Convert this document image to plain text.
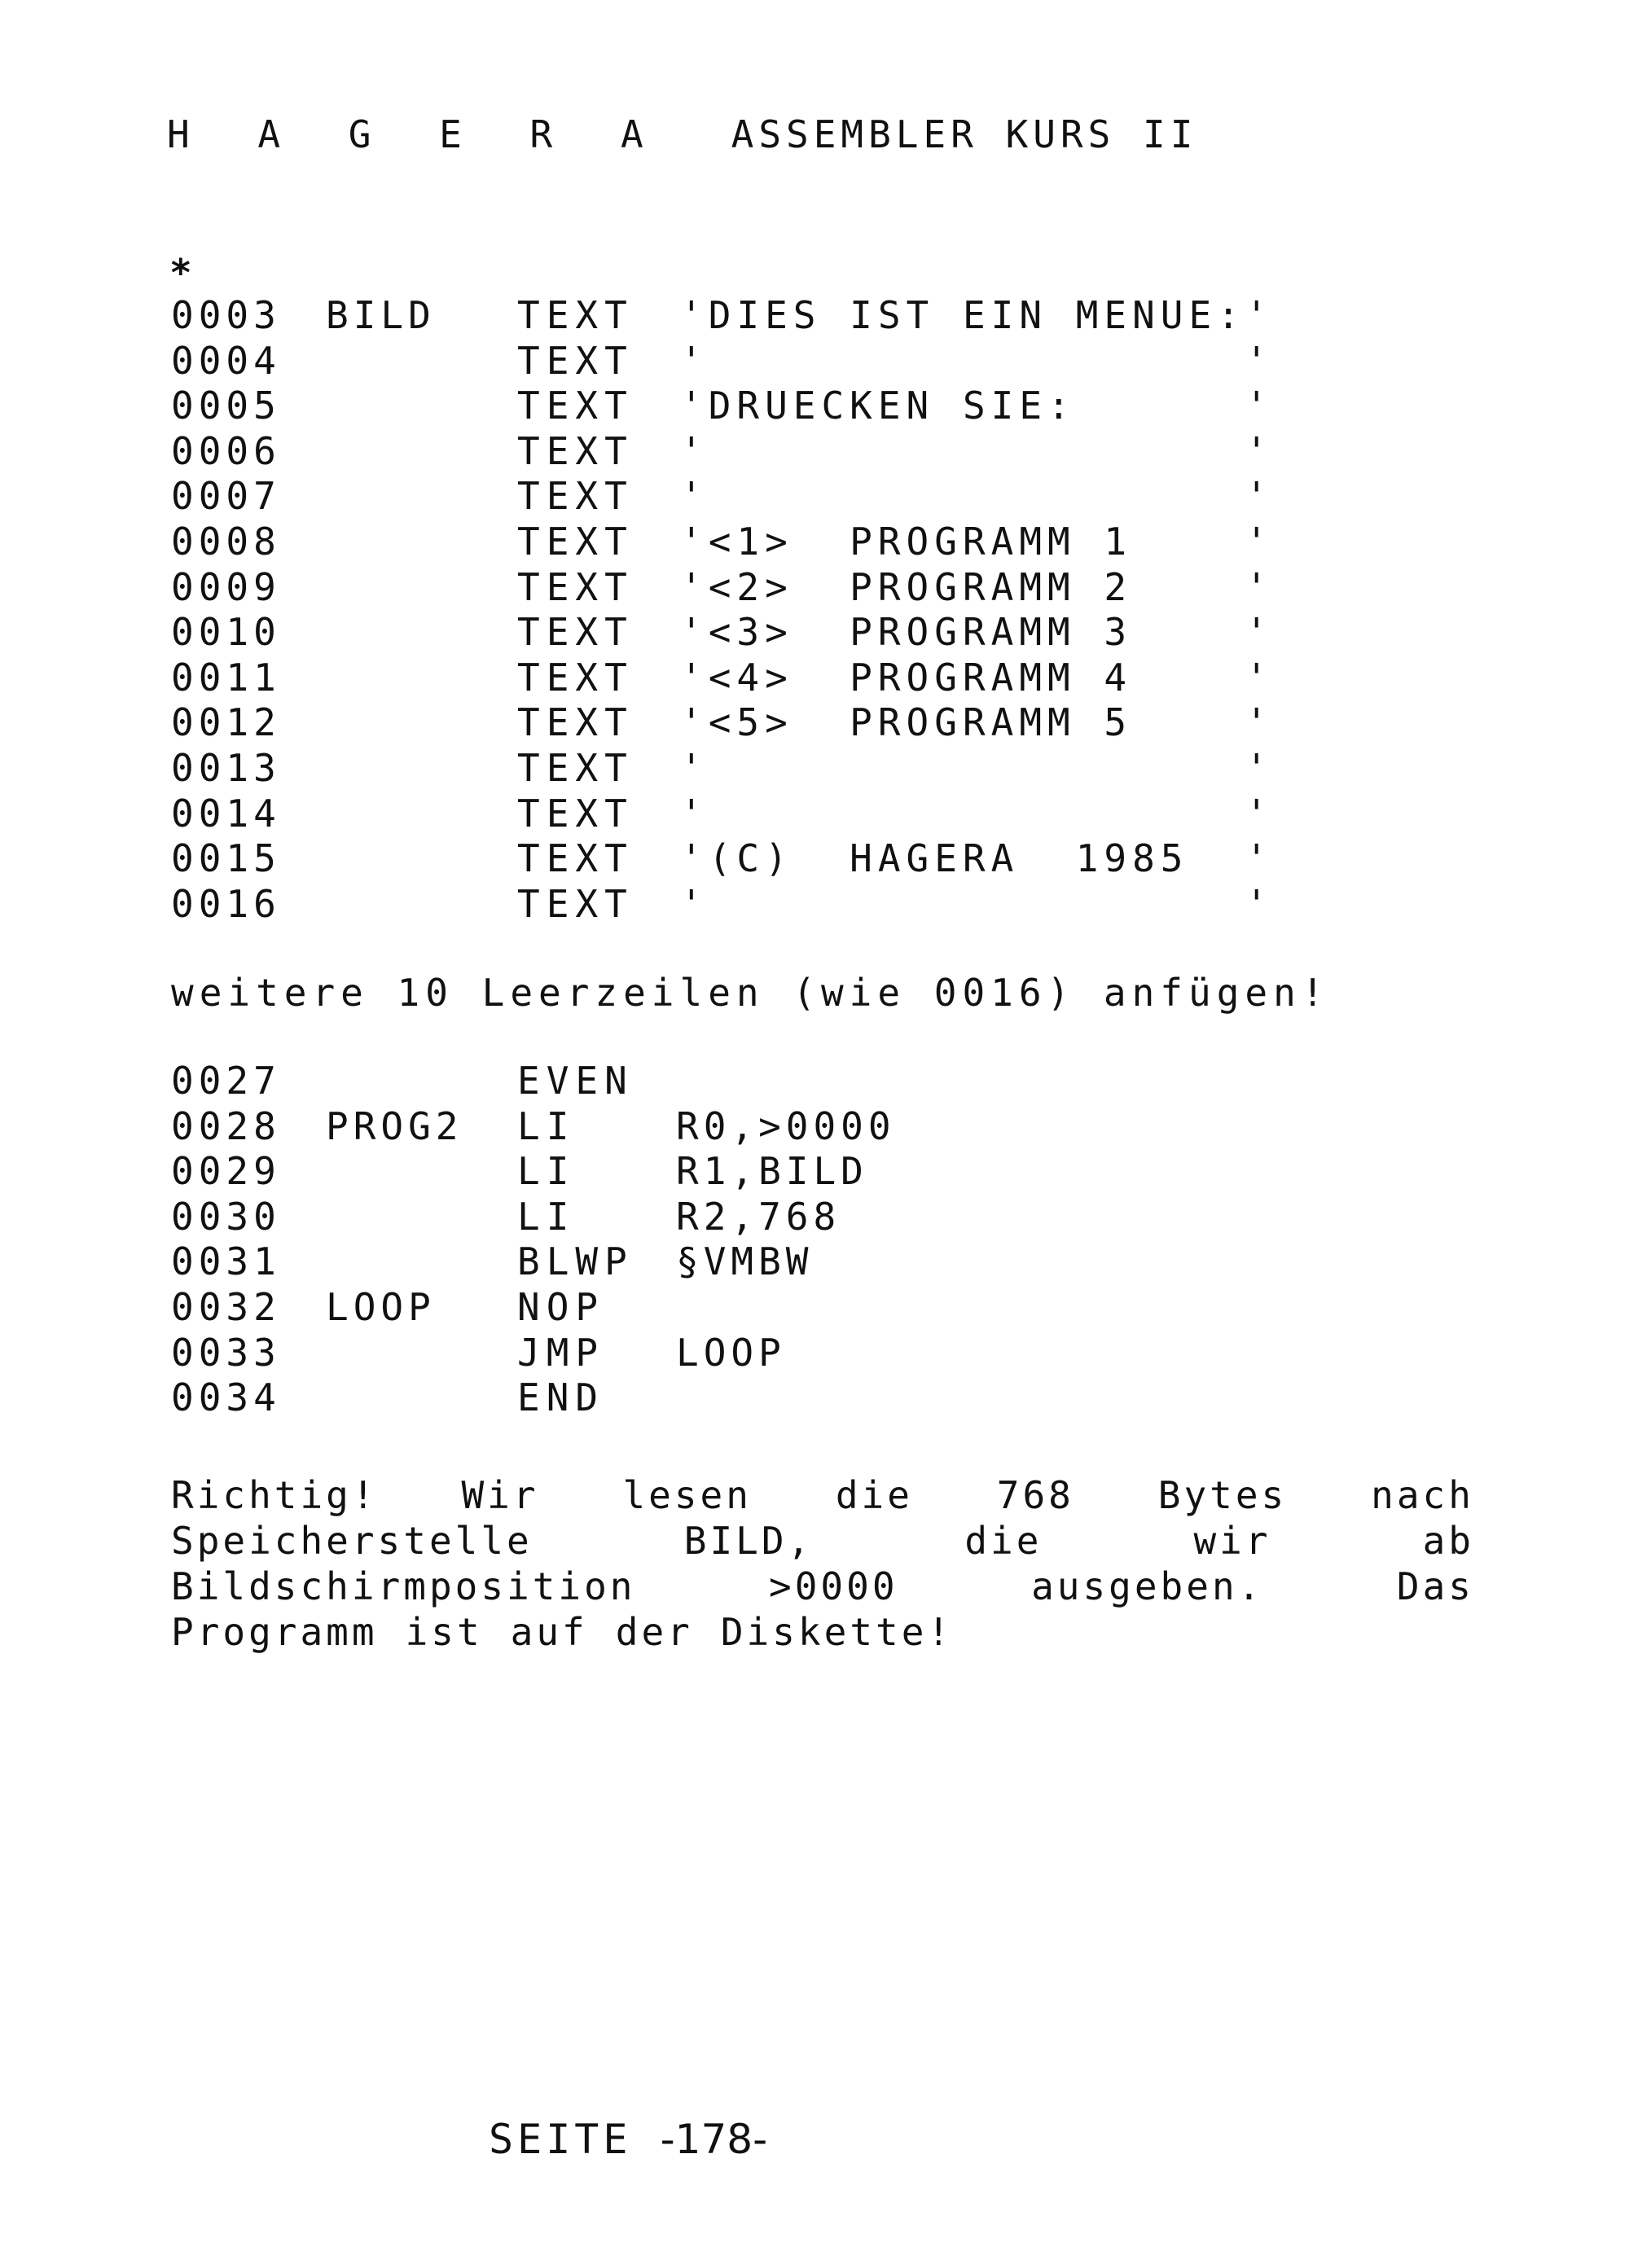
H A G E R A ASSEMBLER KURS II
*
0003 BILD TEXT 'DIES IST EIN MENUE:'
0004	TEXT '                   '
0005	TEXT 'DRUECKEN SIE:      '
0006	TEXT '                   '
0007	TEXT '                   '
0008	TEXT '<1>  PROGRAMM 1    '
0009	TEXT '<2>  PROGRAMM 2    '
0010	TEXT '<3>  PROGRAMM 3    '
0011	TEXT '<4>  PROGRAMM 4    '
0012	TEXT '<5>  PROGRAMM 5    '
0013	TEXT '                   '
0014	TEXT '                   '
0015	TEXT '(C)  HAGERA  1985  '
0016	TEXT '                   '
weitere 10 Leerzeilen (wie 0016) anfügen!
0027	EVEN
0028 PROG2 LI	R0,>0000
0029	LI	R1,BILD
0030	LI	R2,768
0031	BLWP §VMBW
0032 LOOP NOP
0033	JMP LOOP
0034	END
Richtig! Wir lesen die 768 Bytes nach
Speicherstelle	BILD,	die	wir	ab
Bildschirmposition	>0000	ausgeben.	Das
Programm ist auf der Diskette!
SEITE -178-
